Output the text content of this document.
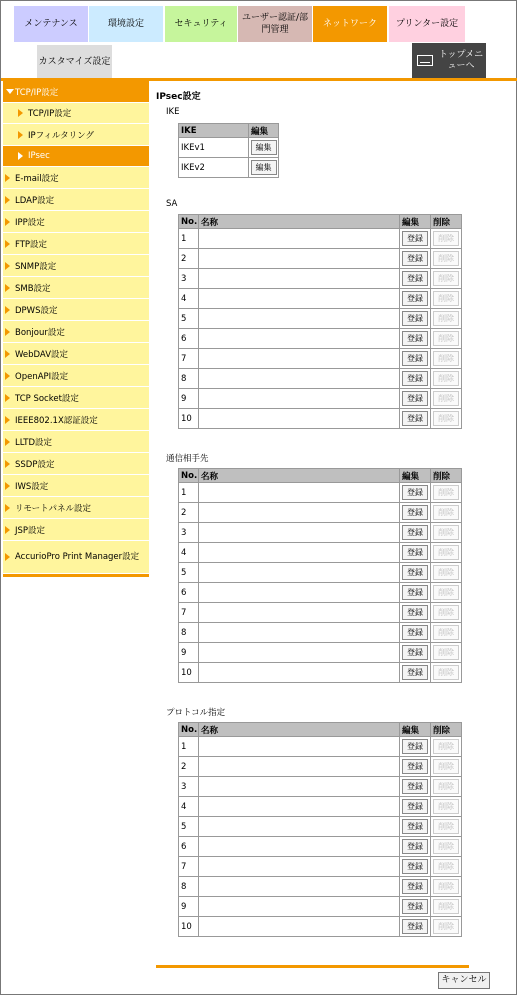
メンテナンス	環境設定	セキュリティ
ユーザー認証/部門管理
ネットワーク	プリンター設定
カスタマイズ設定
トップメニューへ
TCP/IP設定
TCP/IP設定
IPフィルタリング
IPsec
E-mail設定
LDAP設定
IPP設定
FTP設定
SNMP設定
SMB設定
DPWS設定
Bonjour設定
WebDAV設定
OpenAPI設定
TCP Socket設定
IEEE802.1X認証設定
LLTD設定
SSDP設定
IWS設定
リモートパネル設定
JSP設定
AccurioPro Print Manager設定
IPsec設定
IKE
IKE	編集
IKEv1	編集
IKEv2	編集
SA
No.	名称	編集	削除
1		登録	削除
2		登録	削除
3		登録	削除
4		登録	削除
5		登録	削除
6		登録	削除
7		登録	削除
8		登録	削除
9		登録	削除
10		登録	削除
通信相手先
No.	名称	編集	削除
1		登録	削除
2		登録	削除
3		登録	削除
4		登録	削除
5		登録	削除
6		登録	削除
7		登録	削除
8		登録	削除
9		登録	削除
10		登録	削除
プロトコル指定
No.	名称	編集	削除
1		登録	削除
2		登録	削除
3		登録	削除
4		登録	削除
5		登録	削除
6		登録	削除
7		登録	削除
8		登録	削除
9		登録	削除
10		登録	削除
キャンセル
